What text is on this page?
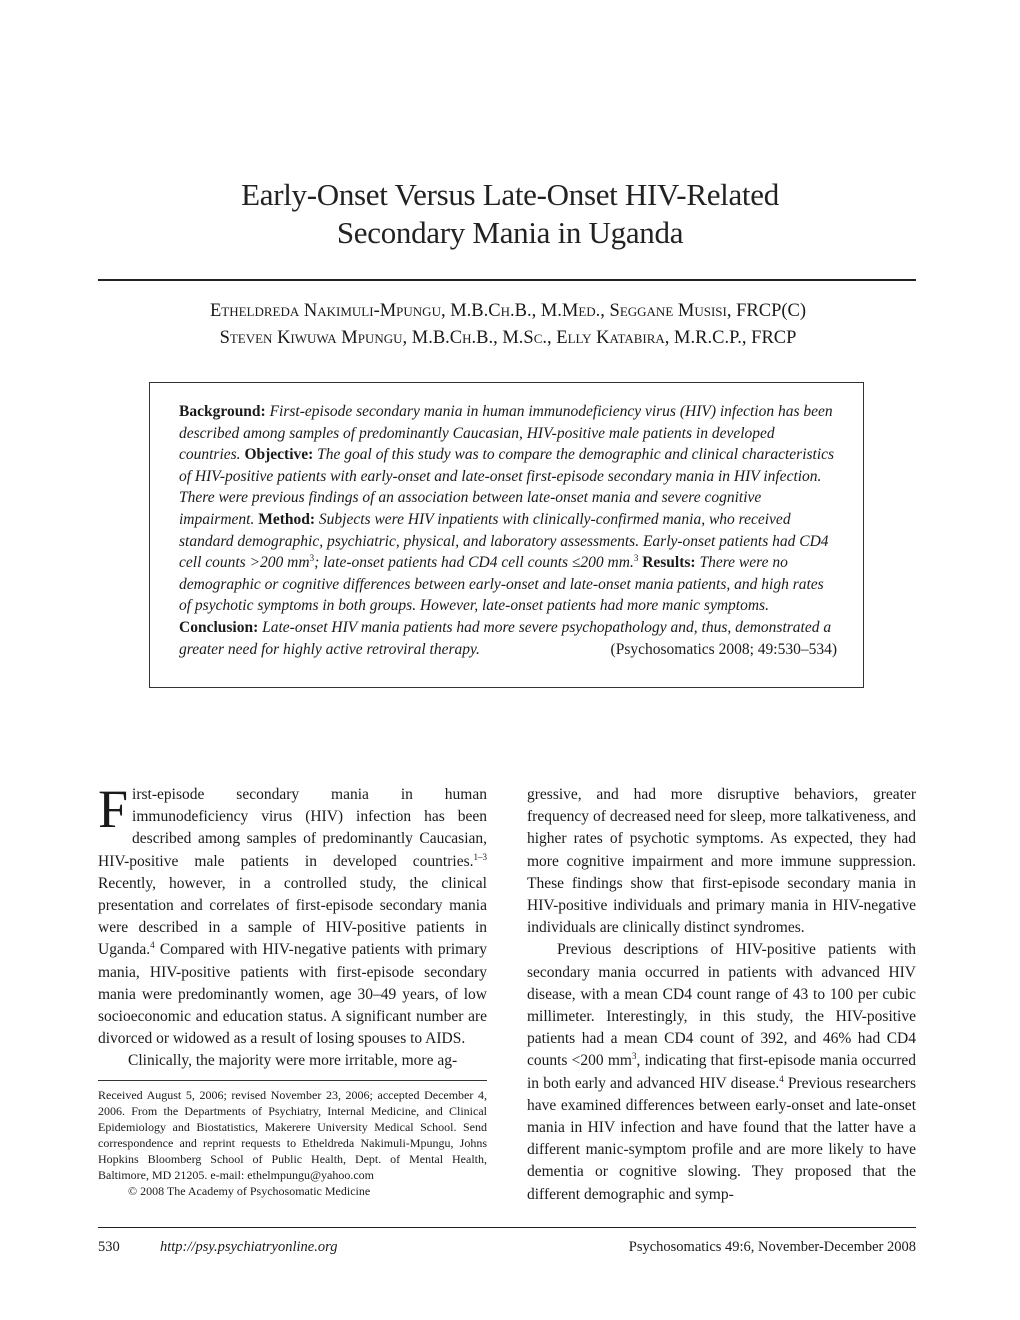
Early-Onset Versus Late-Onset HIV-Related
Secondary Mania in Uganda
Etheldreda Nakimuli-Mpungu, M.B.Ch.B., M.Med., Seggane Musisi, FRCP(C)
Steven Kiwuwa Mpungu, M.B.Ch.B., M.Sc., Elly Katabira, M.R.C.P., FRCP
Background: First-episode secondary mania in human immunodeficiency virus (HIV) infection has been described among samples of predominantly Caucasian, HIV-positive male patients in developed countries. Objective: The goal of this study was to compare the demographic and clinical characteristics of HIV-positive patients with early-onset and late-onset first-episode secondary mania in HIV infection. There were previous findings of an association between late-onset mania and severe cognitive impairment. Method: Subjects were HIV inpatients with clinically-confirmed mania, who received standard demographic, psychiatric, physical, and laboratory assessments. Early-onset patients had CD4 cell counts >200 $mm^3$; late-onset patients had CD4 cell counts ≤200 mm.$^3$ Results: There were no demographic or cognitive differences between early-onset and late-onset mania patients, and high rates of psychotic symptoms in both groups. However, late-onset patients had more manic symptoms. Conclusion: Late-onset HIV mania patients had more severe psychopathology and, thus, demonstrated a greater need for highly active retroviral therapy.	(Psychosomatics 2008; 49:530–534)

First-episode secondary mania in human immunodeficiency virus (HIV) infection has been described among samples of predominantly Caucasian, HIV-positive male patients in developed countries.$^{1-3}$ Recently, however, in a controlled study, the clinical presentation and correlates of first-episode secondary mania were described in a sample of HIV-positive patients in Uganda.$^4$ Compared with HIV-negative patients with primary mania, HIV-positive patients with first-episode secondary mania were predominantly women, age 30–49 years, of low socioeconomic and education status. A significant number are divorced or widowed as a result of losing spouses to AIDS.

Clinically, the majority were more irritable, more ag-

Received August 5, 2006; revised November 23, 2006; accepted December 4, 2006. From the Departments of Psychiatry, Internal Medicine, and Clinical Epidemiology and Biostatistics, Makerere University Medical School. Send correspondence and reprint requests to Etheldreda Nakimuli-Mpungu, Johns Hopkins Bloomberg School of Public Health, Dept. of Mental Health, Baltimore, MD 21205. e-mail: ethelmpungu@yahoo.com

© 2008 The Academy of Psychosomatic Medicine

gressive, and had more disruptive behaviors, greater frequency of decreased need for sleep, more talkativeness, and higher rates of psychotic symptoms. As expected, they had more cognitive impairment and more immune suppression. These findings show that first-episode secondary mania in HIV-positive individuals and primary mania in HIV-negative individuals are clinically distinct syndromes.

Previous descriptions of HIV-positive patients with secondary mania occurred in patients with advanced HIV disease, with a mean CD4 count range of 43 to 100 per cubic millimeter. Interestingly, in this study, the HIV-positive patients had a mean CD4 count of 392, and 46% had CD4 counts <200 $mm^3$, indicating that first-episode mania occurred in both early and advanced HIV disease.$^4$ Previous researchers have examined differences between early-onset and late-onset mania in HIV infection and have found that the latter have a different manic-symptom profile and are more likely to have dementia or cognitive slowing. They proposed that the different demographic and symp-

530	http://psy.psychiatryonline.org	Psychosomatics 49:6, November-December 2008
